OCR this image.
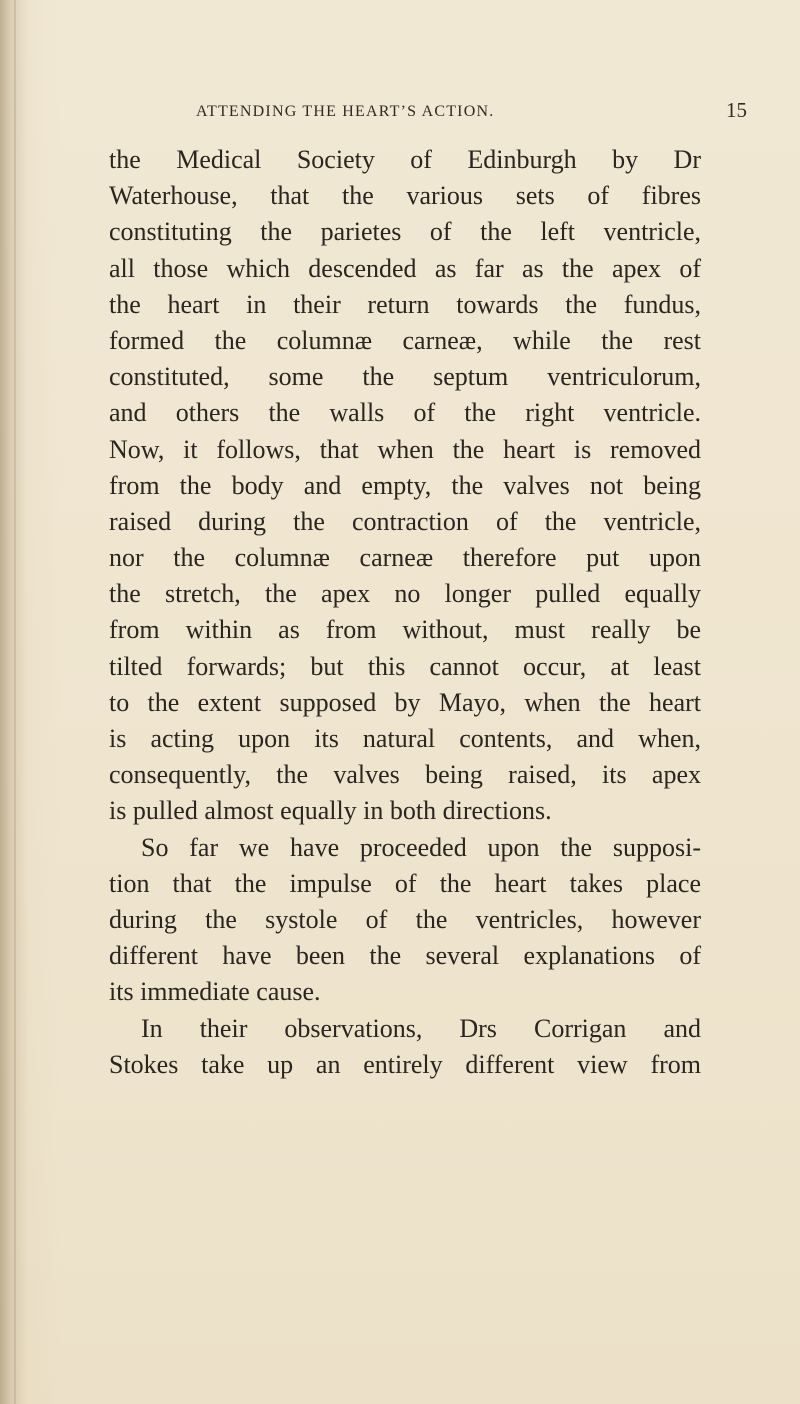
ATTENDING THE HEART’S ACTION.	15
the Medical Society of Edinburgh by Dr
Waterhouse, that the various sets of fibres
constituting the parietes of the left ventricle,
all those which descended as far as the apex of
the heart in their return towards the fundus,
formed the columnæ carneæ, while the rest
constituted, some the septum ventriculorum,
and others the walls of the right ventricle.
Now, it follows, that when the heart is removed
from the body and empty, the valves not being
raised during the contraction of the ventricle,
nor the columnæ carneæ therefore put upon
the stretch, the apex no longer pulled equally
from within as from without, must really be
tilted forwards; but this cannot occur, at least
to the extent supposed by Mayo, when the heart
is acting upon its natural contents, and when,
consequently, the valves being raised, its apex
is pulled almost equally in both directions.
So far we have proceeded upon the supposi-
tion that the impulse of the heart takes place
during the systole of the ventricles, however
different have been the several explanations of
its immediate cause.
In their observations, Drs Corrigan and
Stokes take up an entirely different view from
